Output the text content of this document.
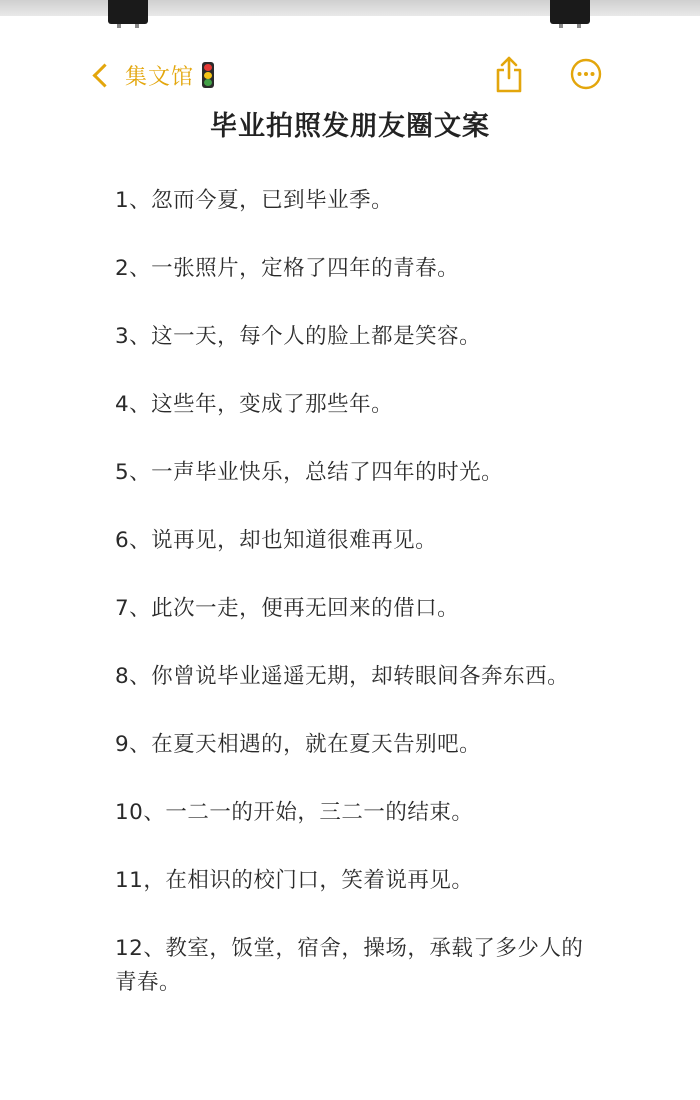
集文馆
毕业拍照发朋友圈文案
1、忽而今夏，已到毕业季。
2、一张照片，定格了四年的青春。
3、这一天，每个人的脸上都是笑容。
4、这些年，变成了那些年。
5、一声毕业快乐，总结了四年的时光。
6、说再见，却也知道很难再见。
7、此次一走，便再无回来的借口。
8、你曾说毕业遥遥无期，却转眼间各奔东西。
9、在夏天相遇的，就在夏天告别吧。
10、一二一的开始，三二一的结束。
11，在相识的校门口，笑着说再见。
12、教室，饭堂，宿舍，操场，承载了多少人的青春。
